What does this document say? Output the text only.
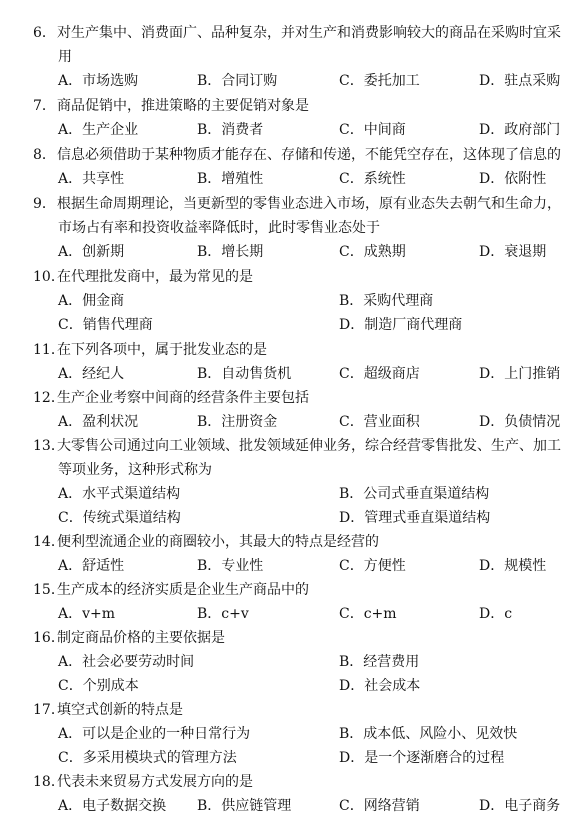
6．对生产集中、消费面广、品种复杂，并对生产和消费影响较大的商品在采购时宜采
用
A．市场选购	B．合同订购	C．委托加工	D．驻点采购
7．商品促销中，推进策略的主要促销对象是
A．生产企业	B．消费者	C．中间商	D．政府部门
8．信息必须借助于某种物质才能存在、存储和传递，不能凭空存在，这体现了信息的
A．共享性	B．增殖性	C．系统性	D．依附性
9．根据生命周期理论，当更新型的零售业态进入市场，原有业态失去朝气和生命力，
市场占有率和投资收益率降低时，此时零售业态处于
A．创新期	B．增长期	C．成熟期	D．衰退期
10．在代理批发商中，最为常见的是
A．佣金商	B．采购代理商
C．销售代理商	D．制造厂商代理商
11．在下列各项中，属于批发业态的是
A．经纪人	B．自动售货机	C．超级商店	D．上门推销
12．生产企业考察中间商的经营条件主要包括
A．盈利状况	B．注册资金	C．营业面积	D．负债情况
13．大零售公司通过向工业领域、批发领域延伸业务，综合经营零售批发、生产、加工
等项业务，这种形式称为
A．水平式渠道结构	B．公司式垂直渠道结构
C．传统式渠道结构	D．管理式垂直渠道结构
14．便利型流通企业的商圈较小，其最大的特点是经营的
A．舒适性	B．专业性	C．方便性	D．规模性
15．生产成本的经济实质是企业生产商品中的
A．v+m	B．c+v	C．c+m	D．c
16．制定商品价格的主要依据是
A．社会必要劳动时间	B．经营费用
C．个别成本	D．社会成本
17．填空式创新的特点是
A．可以是企业的一种日常行为	B．成本低、风险小、见效快
C．多采用模块式的管理方法	D．是一个逐渐磨合的过程
18．代表未来贸易方式发展方向的是
A．电子数据交换 B．供应链管理	C．网络营销	D．电子商务
